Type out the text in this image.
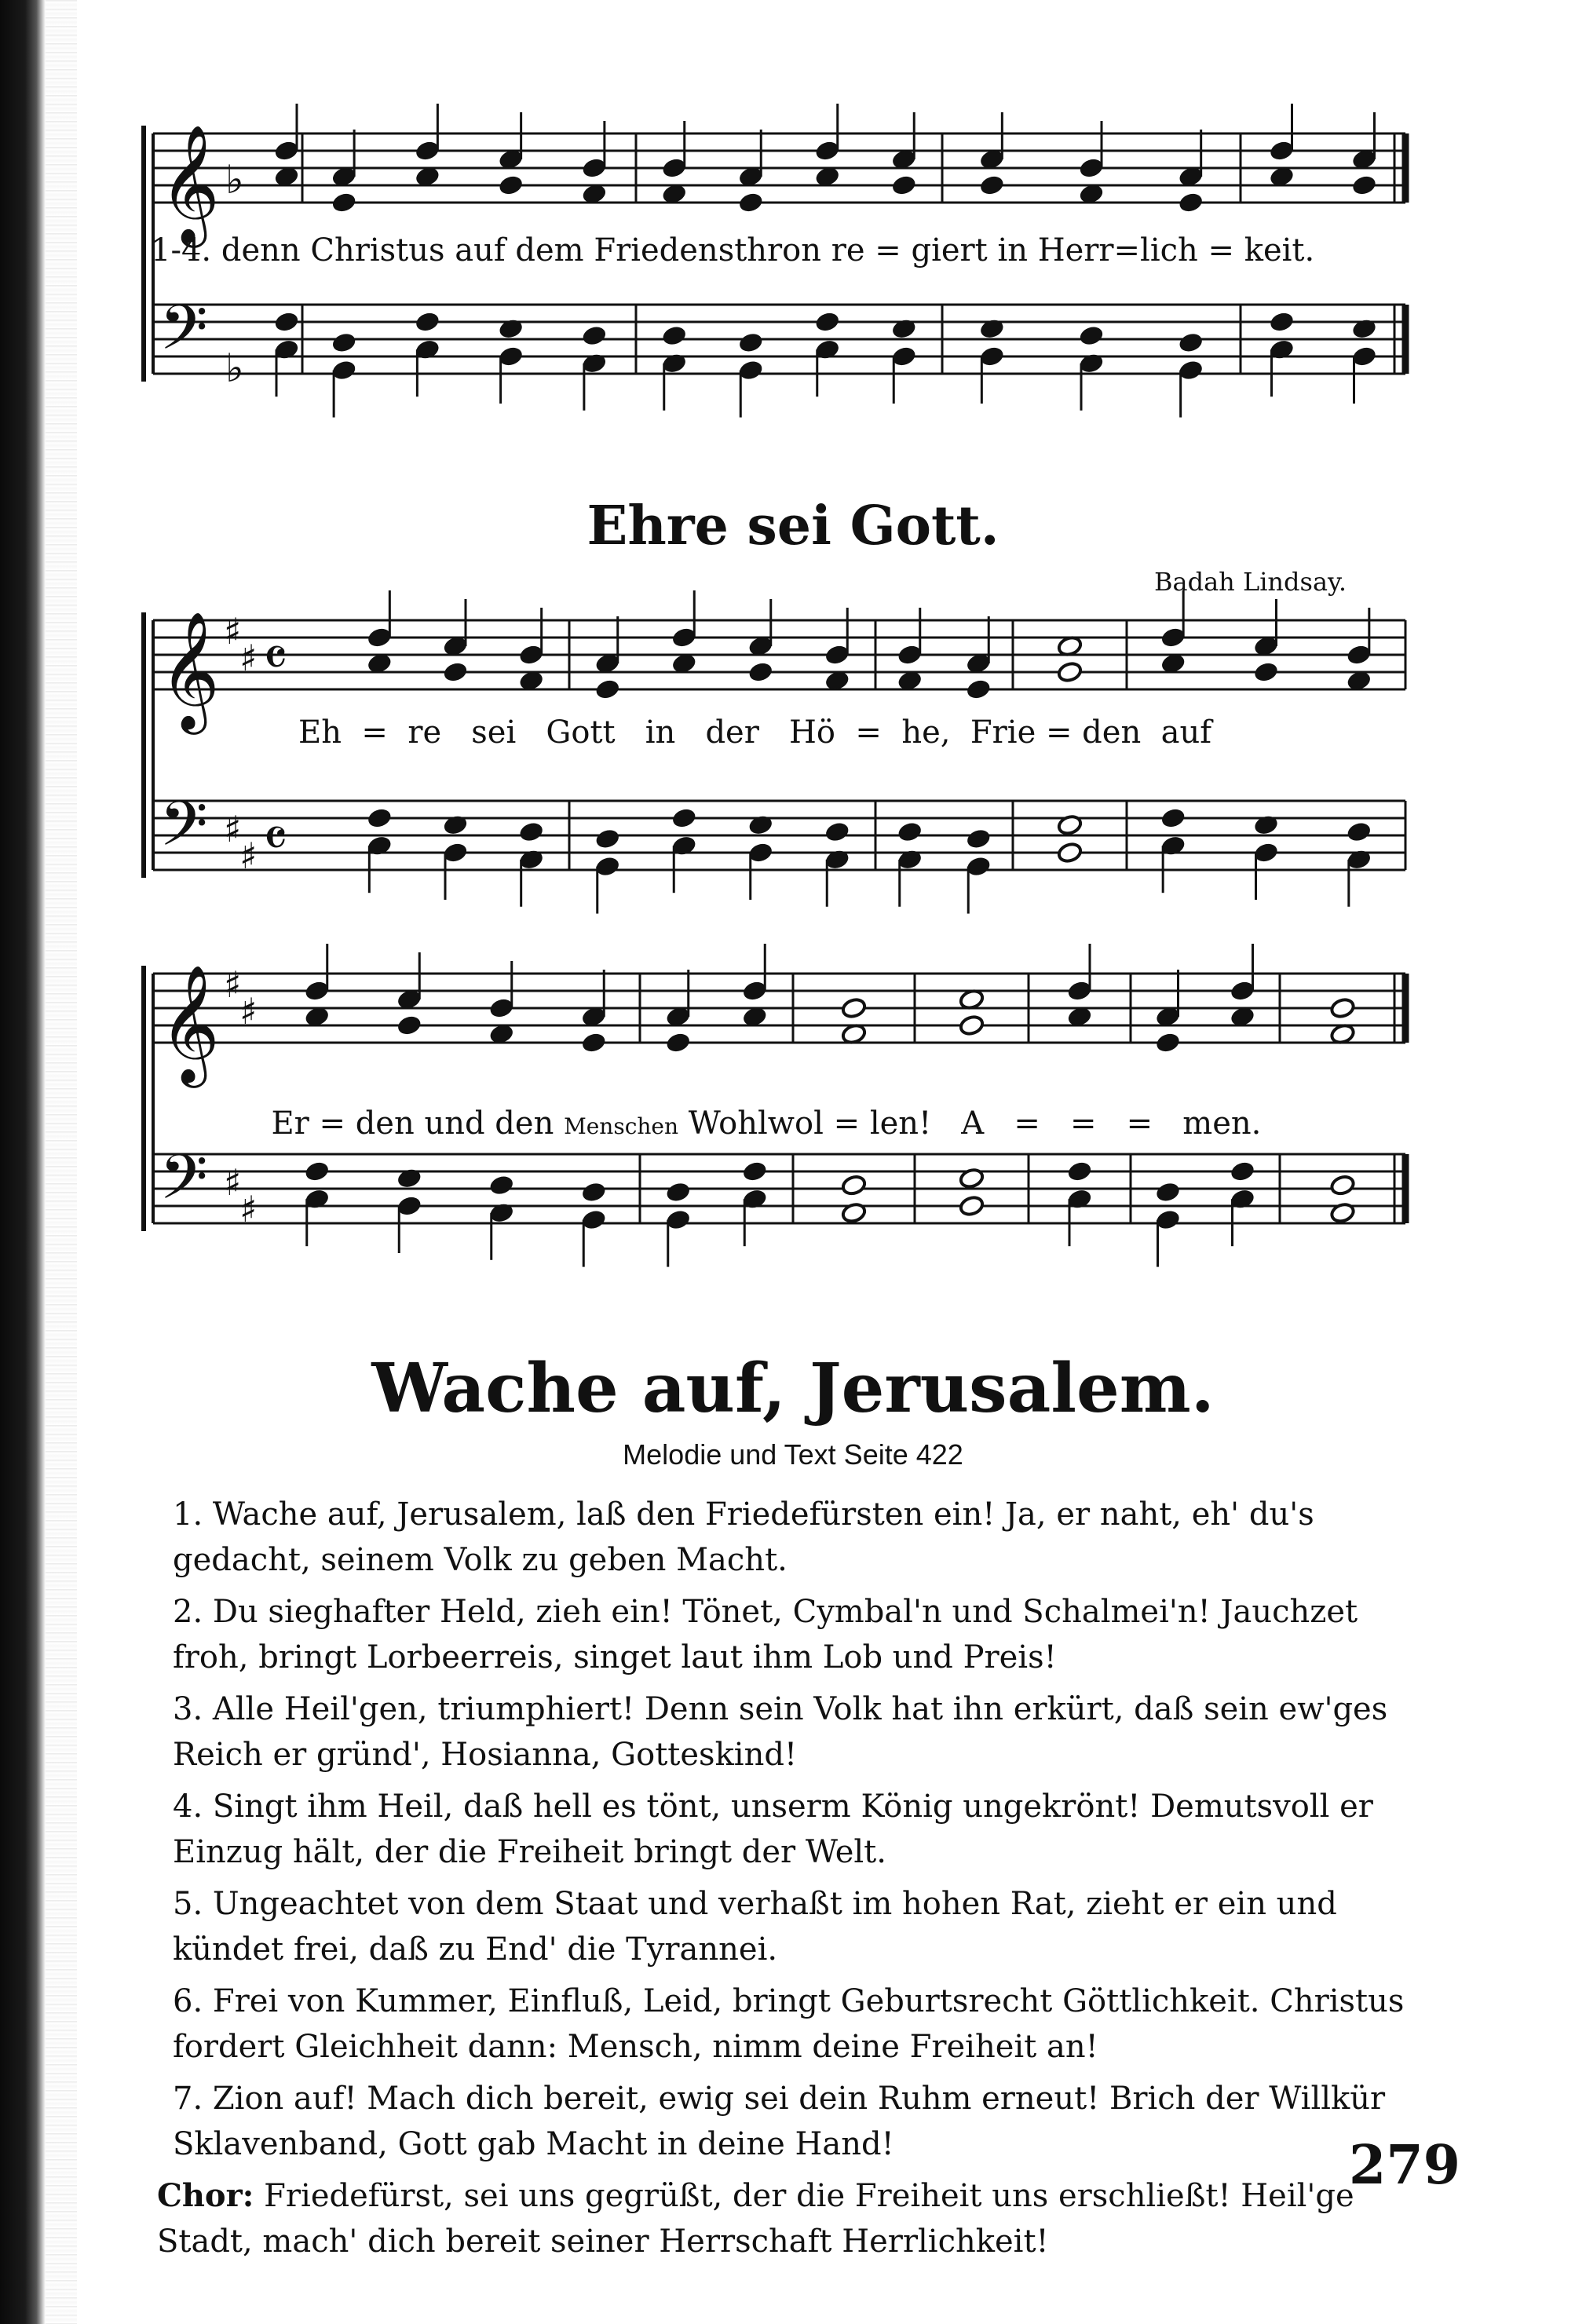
𝄞
𝄢
♭
♭
𝄞
𝄢
♯
♯
♯
♯
𝄴
𝄴
𝄞
𝄢
♯
♯
♯
♯
1-4. denn Christus auf dem Friedensthron re = giert in Herr=lich = keit.
Ehre sei Gott.
Badah Lindsay.
Eh  =  re   sei   Gott   in   der   Hö  =  he,  Frie = den  auf

Er = den und den Menschen Wohlwol = len!   A   =   =   =   men.

Wache auf, Jerusalem.
Melodie und Text Seite 422

1. Wache auf, Jerusalem, laß den Friedefürsten ein! Ja, er naht, eh' du's gedacht, seinem Volk zu geben Macht.

2. Du sieghafter Held, zieh ein! Tönet, Cymbal'n und Schalmei'n! Jauchzet froh, bringt Lorbeerreis, singet laut ihm Lob und Preis!

3. Alle Heil'gen, triumphiert! Denn sein Volk hat ihn erkürt, daß sein ew'ges Reich er gründ', Hosianna, Gotteskind!

4. Singt ihm Heil, daß hell es tönt, unserm König ungekrönt! Demutsvoll er Einzug hält, der die Freiheit bringt der Welt.

5. Ungeachtet von dem Staat und verhaßt im hohen Rat, zieht er ein und kündet frei, daß zu End' die Tyrannei.

6. Frei von Kummer, Einfluß, Leid, bringt Geburtsrecht Göttlichkeit. Christus fordert Gleichheit dann: Mensch, nimm deine Freiheit an!

7. Zion auf! Mach dich bereit, ewig sei dein Ruhm erneut! Brich der Willkür Sklavenband, Gott gab Macht in deine Hand!

Chor: Friedefürst, sei uns gegrüßt, der die Freiheit uns erschließt! Heil'ge Stadt, mach' dich bereit seiner Herrschaft Herrlichkeit!

279
